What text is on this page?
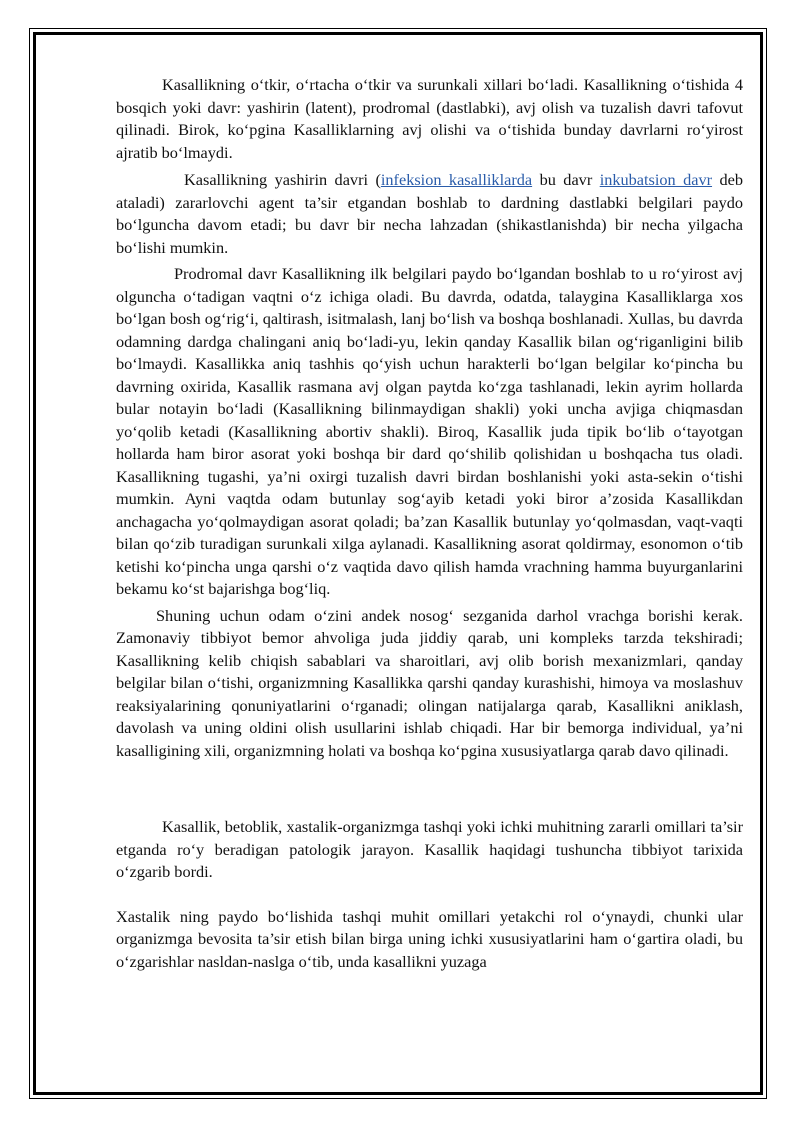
Kasallikning o‘tkir, o‘rtacha o‘tkir va surunkali xillari bo‘ladi. Kasallikning o‘tishida 4 bosqich yoki davr: yashirin (latent), prodromal (dastlabki), avj olish va tuzalish davri tafovut qilinadi. Birok, ko‘pgina Kasalliklarning avj olishi va o‘tishida bunday davrlarni ro‘yirost ajratib bo‘lmaydi.

Kasallikning yashirin davri (infeksion kasalliklarda bu davr inkubatsion davr deb ataladi) zararlovchi agent ta’sir etgandan boshlab to dardning dastlabki belgilari paydo bo‘lguncha davom etadi; bu davr bir necha lahzadan (shikastlanishda) bir necha yilgacha bo‘lishi mumkin.

Prodromal davr Kasallikning ilk belgilari paydo bo‘lgandan boshlab to u ro‘yirost avj olguncha o‘tadigan vaqtni o‘z ichiga oladi. Bu davrda, odatda, talaygina Kasalliklarga xos bo‘lgan bosh og‘rig‘i, qaltirash, isitmalash, lanj bo‘lish va boshqa boshlanadi. Xullas, bu davrda odamning dardga chalingani aniq bo‘ladi-yu, lekin qanday Kasallik bilan og‘riganligini bilib bo‘lmaydi. Kasallikka aniq tashhis qo‘yish uchun harakterli bo‘lgan belgilar ko‘pincha bu davrning oxirida, Kasallik rasmana avj olgan paytda ko‘zga tashlanadi, lekin ayrim hollarda bular notayin bo‘ladi (Kasallikning bilinmaydigan shakli) yoki uncha avjiga chiqmasdan yo‘qolib ketadi (Kasallikning abortiv shakli). Biroq, Kasallik juda tipik bo‘lib o‘tayotgan hollarda ham biror asorat yoki boshqa bir dard qo‘shilib qolishidan u boshqacha tus oladi. Kasallikning tugashi, ya’ni oxirgi tuzalish davri birdan boshlanishi yoki asta-sekin o‘tishi mumkin. Ayni vaqtda odam butunlay sog‘ayib ketadi yoki biror a’zosida Kasallikdan anchagacha yo‘qolmaydigan asorat qoladi; ba’zan Kasallik butunlay yo‘qolmasdan, vaqt-vaqti bilan qo‘zib turadigan surunkali xilga aylanadi. Kasallikning asorat qoldirmay, esonomon o‘tib ketishi ko‘pincha unga qarshi o‘z vaqtida davo qilish hamda vrachning hamma buyurganlarini bekamu ko‘st bajarishga bog‘liq.

Shuning uchun odam o‘zini andek nosog‘ sezganida darhol vrachga borishi kerak. Zamonaviy tibbiyot bemor ahvoliga juda jiddiy qarab, uni kompleks tarzda tekshiradi; Kasallikning kelib chiqish sabablari va sharoitlari, avj olib borish mexanizmlari, qanday belgilar bilan o‘tishi, organizmning Kasallikka qarshi qanday kurashishi, himoya va moslashuv reaksiyalarining qonuniyatlarini o‘rganadi; olingan natijalarga qarab, Kasallikni aniklash, davolash va uning oldini olish usullarini ishlab chiqadi. Har bir bemorga individual, ya’ni kasalligining xili, organizmning holati va boshqa ko‘pgina xususiyatlarga qarab davo qilinadi.

Kasallik, betoblik, xastalik-organizmga tashqi yoki ichki muhitning zararli omillari ta’sir etganda ro‘y beradigan patologik jarayon. Kasallik haqidagi tushuncha tibbiyot tarixida o‘zgarib bordi.

Xastalik ning paydo bo‘lishida tashqi muhit omillari yetakchi rol o‘ynaydi, chunki ular organizmga bevosita ta’sir etish bilan birga uning ichki xususiyatlarini ham o‘gartira oladi, bu o‘zgarishlar nasldan-naslga o‘tib, unda kasallikni yuzaga
